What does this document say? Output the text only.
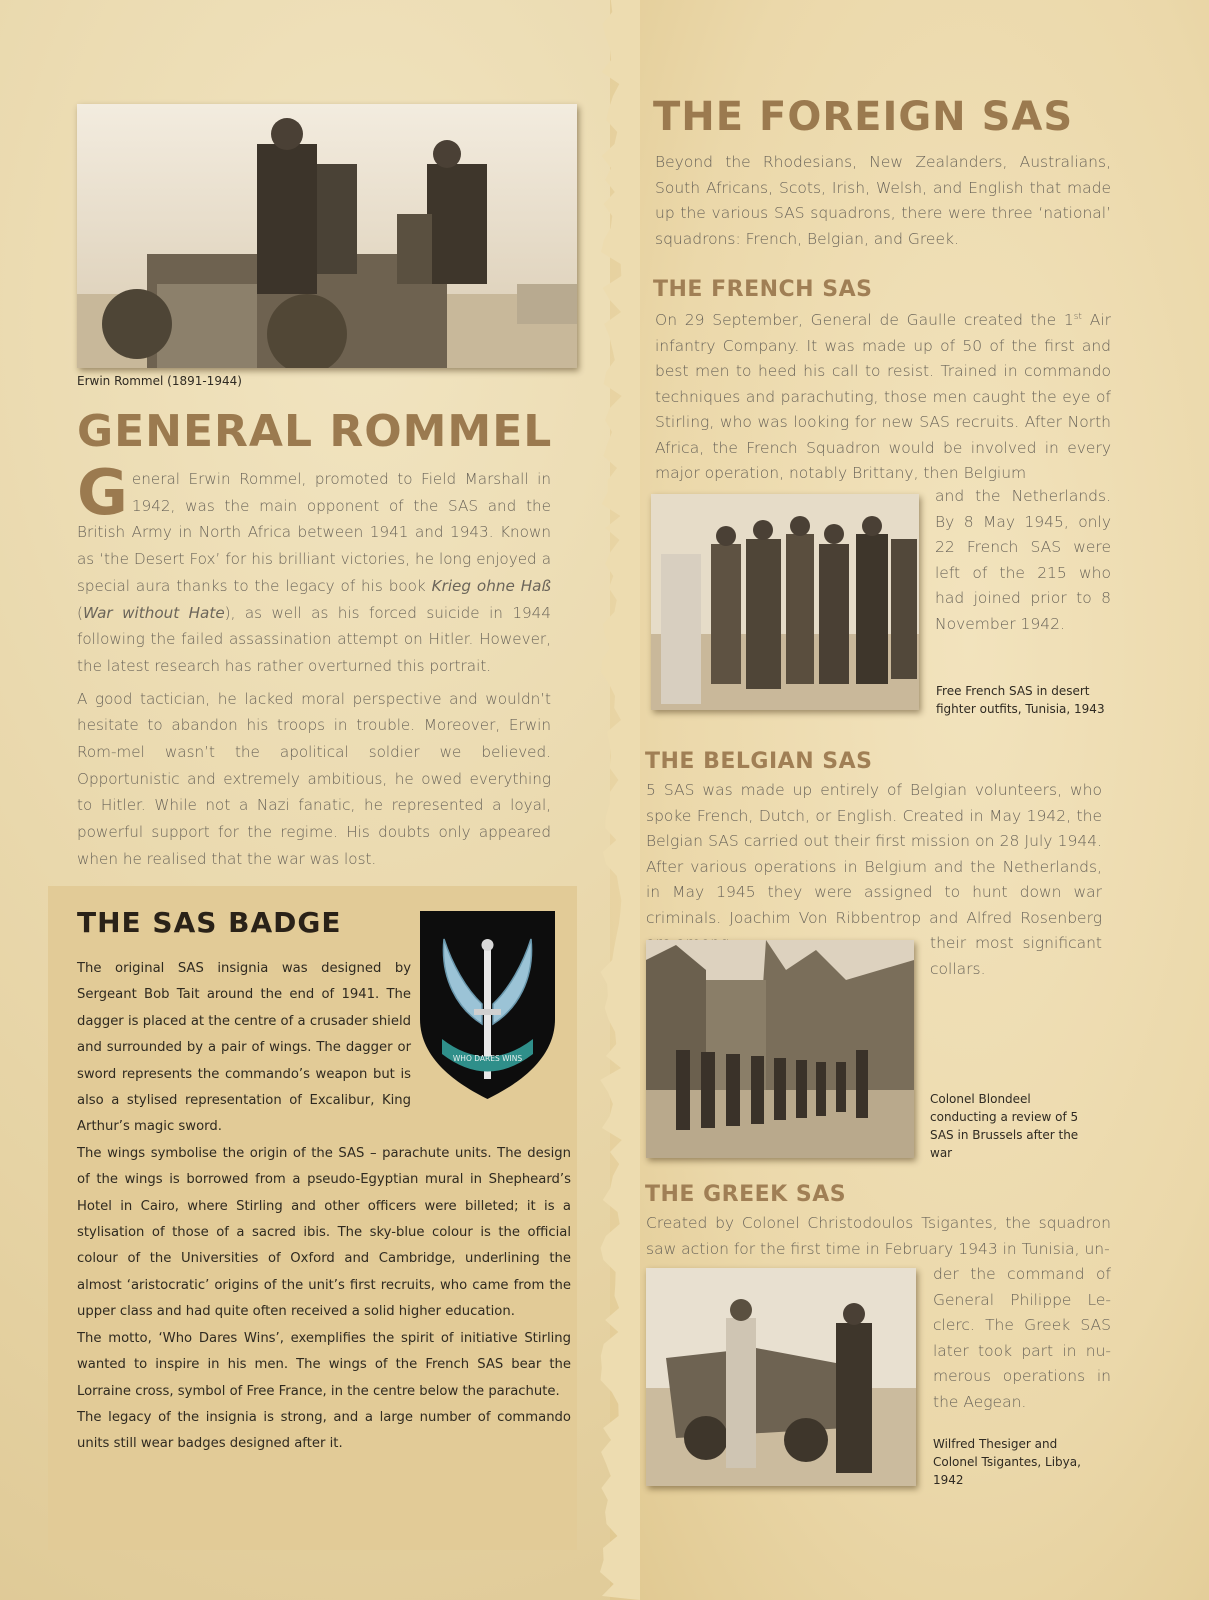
Erwin Rommel (1891-1944)
GENERAL ROMMEL

General Erwin Rommel, promoted to Field Marshall in 1942, was the main opponent of the SAS and the British Army in North Africa between 1941 and 1943. Known as ‘the Desert Fox’ for his brilliant victories, he long enjoyed a special aura thanks to the legacy of his book Krieg ohne Haß (War without Hate), as well as his forced suicide in 1944 following the failed assassination attempt on Hitler. However, the latest research has rather overturned this portrait.

A good tactician, he lacked moral perspective and wouldn’t hesitate to abandon his troops in trouble. Moreover, Erwin Rom-mel wasn’t the apolitical soldier we believed. Opportunistic and extremely ambitious, he owed everything to Hitler. While not a Nazi fanatic, he represented a loyal, powerful support for the regime. His doubts only appeared when he realised that the war was lost.

THE SAS BADGE
WHO DARES WINS

The original SAS insignia was designed by Sergeant Bob Tait around the end of 1941. The dagger is placed at the centre of a crusader shield and surrounded by a pair of wings. The dagger or sword represents the commando’s weapon but is also a stylised representation of Excalibur, King Arthur’s magic sword.

The wings symbolise the origin of the SAS – parachute units. The design of the wings is borrowed from a pseudo-Egyptian mural in Shepheard’s Hotel in Cairo, where Stirling and other officers were billeted; it is a stylisation of those of a sacred ibis. The sky-blue colour is the official colour of the Universities of Oxford and Cambridge, underlining the almost ‘aristocratic’ origins of the unit’s first recruits, who came from the upper class and had quite often received a solid higher education.

The motto, ‘Who Dares Wins’, exemplifies the spirit of initiative Stirling wanted to inspire in his men. The wings of the French SAS bear the Lorraine cross, symbol of Free France, in the centre below the parachute.

The legacy of the insignia is strong, and a large number of commando units still wear badges designed after it.

THE FOREIGN SAS
Beyond the Rhodesians, New Zealanders, Australians, South Africans, Scots, Irish, Welsh, and English that made up the various SAS squadrons, there were three ‘national’ squadrons: French, Belgian, and Greek.
THE FRENCH SAS
On 29 September, General de Gaulle created the 1st Air infantry Company. It was made up of 50 of the first and best men to heed his call to resist. Trained in commando techniques and parachuting, those men caught the eye of Stirling, who was looking for new SAS recruits. After North Africa, the French Squadron would be involved in every major operation, notably Brittany, then Belgium
and the Netherlands. By 8 May 1945, only 22 French SAS were left of the 215 who had joined prior to 8 November 1942.
Free French SAS in desert fighter outfits, Tunisia, 1943
THE BELGIAN SAS
5 SAS was made up entirely of Belgian volunteers, who spoke French, Dutch, or English. Created in May 1942, the Belgian SAS carried out their first mission on 28 July 1944. After various operations in Belgium and the Netherlands, in May 1945 they were assigned to hunt down war criminals. Joachim Von Ribbentrop and Alfred Rosenberg
their most significant collars.
Colonel Blondeel conducting a review of 5 SAS in Brussels after the war
THE GREEK SAS
Created by Colonel Christodoulos Tsigantes, the squadron saw action for the first time in February 1943 in Tunisia, un-
der the command of General Philippe Le-clerc. The Greek SAS later took part in nu-merous operations in the Aegean.
Wilfred Thesiger and Colonel Tsigantes, Libya, 1942
